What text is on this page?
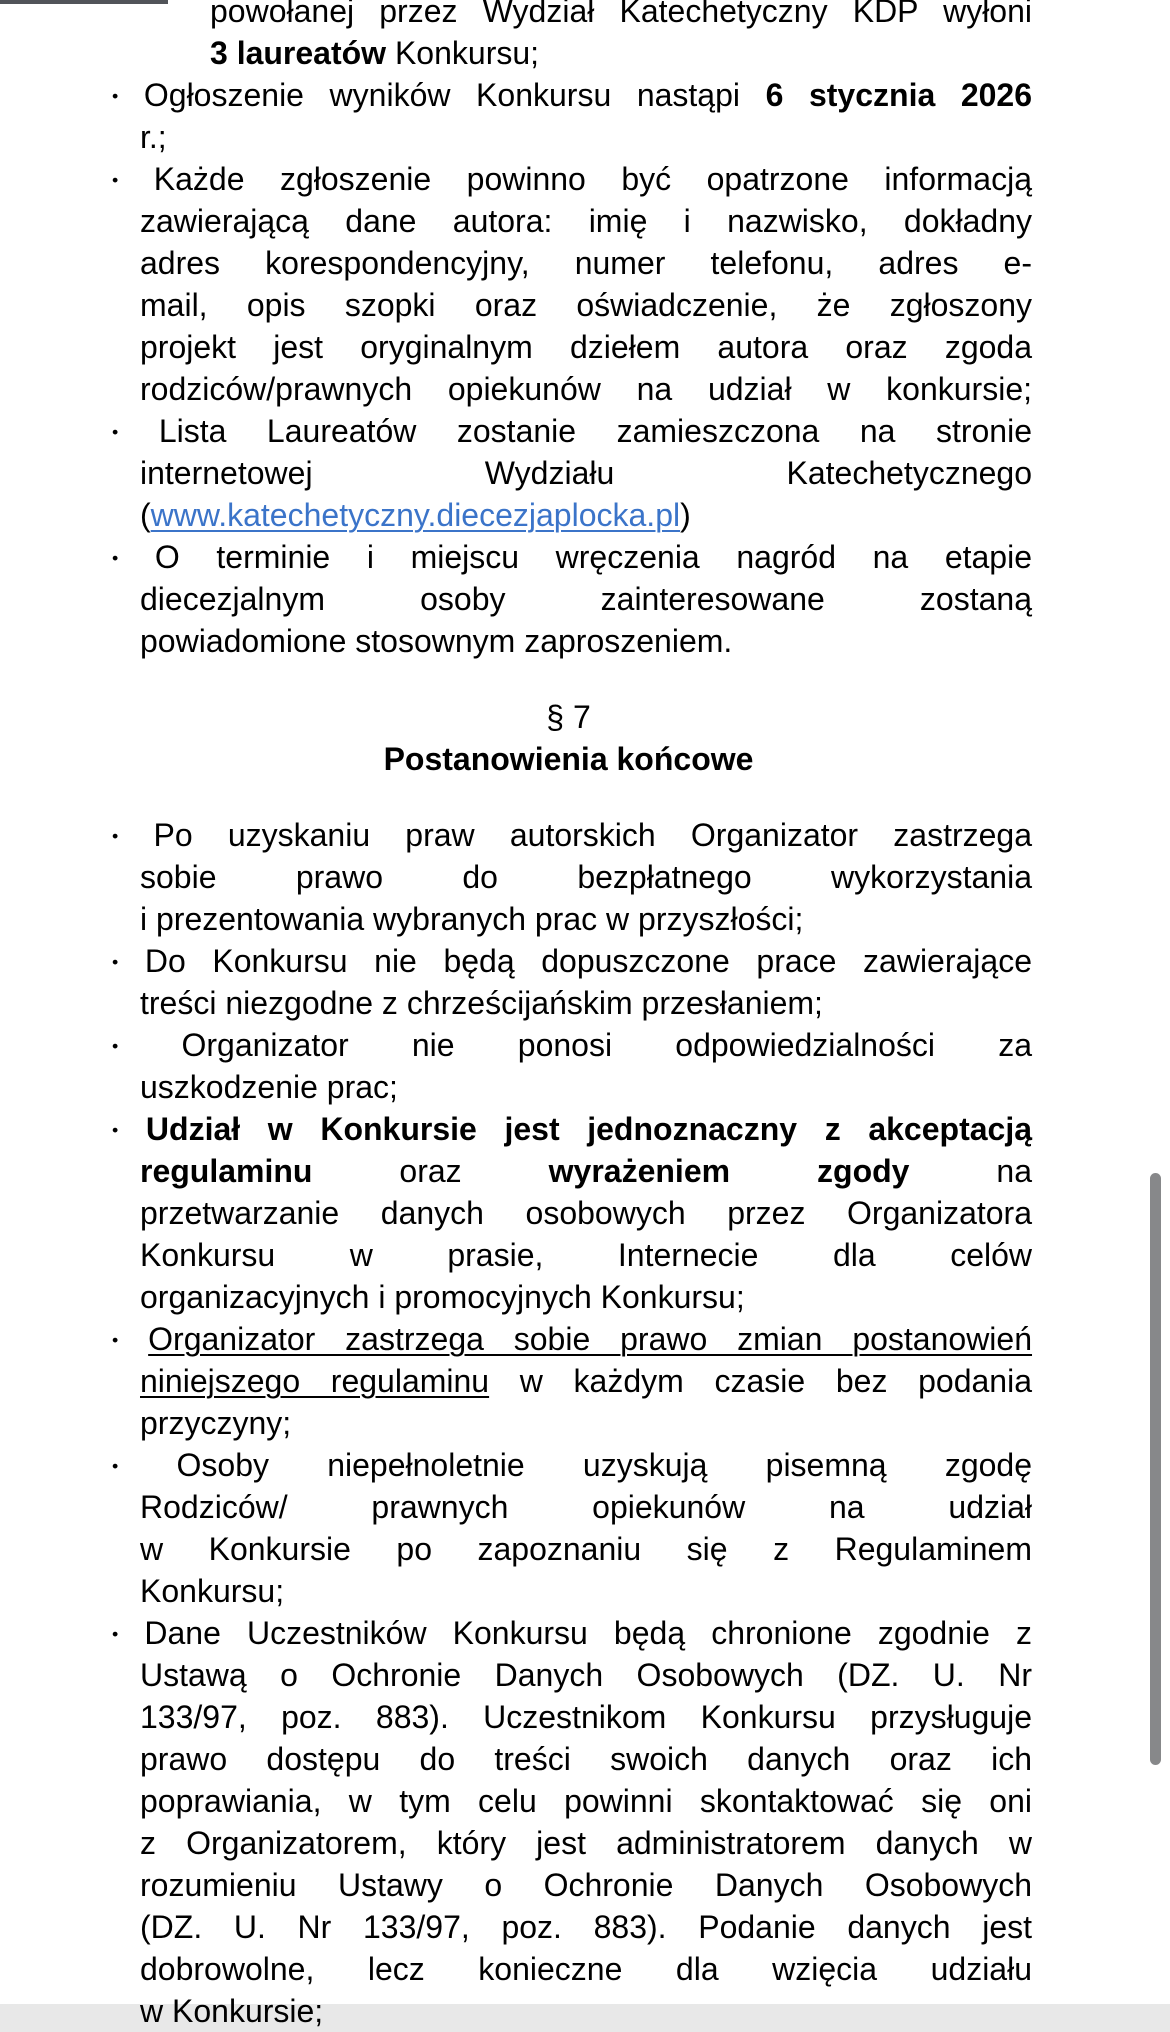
powołanej przez Wydział Katechetyczny KDP wyłoni
3 laureatów Konkursu;
• Ogłoszenie wyników Konkursu nastąpi 6 stycznia 2026
r.;
• Każde zgłoszenie powinno być opatrzone informacją
zawierającą dane autora: imię i nazwisko, dokładny
adres korespondencyjny, numer telefonu, adres e-
mail, opis szopki oraz oświadczenie, że zgłoszony
projekt jest oryginalnym dziełem autora oraz zgoda
rodziców/prawnych opiekunów na udział w konkursie;
• Lista Laureatów zostanie zamieszczona na stronie
internetowej Wydziału Katechetycznego
(www.katechetyczny.diecezjaplocka.pl)
• O terminie i miejscu wręczenia nagród na etapie
diecezjalnym osoby zainteresowane zostaną
powiadomione stosownym zaproszeniem.
§ 7
Postanowienia końcowe
• Po uzyskaniu praw autorskich Organizator zastrzega
sobie prawo do bezpłatnego wykorzystania
i prezentowania wybranych prac w przyszłości;
• Do Konkursu nie będą dopuszczone prace zawierające
treści niezgodne z chrześcijańskim przesłaniem;
• Organizator nie ponosi odpowiedzialności za
uszkodzenie prac;
• Udział w Konkursie jest jednoznaczny z akceptacją
regulaminu oraz wyrażeniem zgody na
przetwarzanie danych osobowych przez Organizatora
Konkursu w prasie, Internecie dla celów
organizacyjnych i promocyjnych Konkursu;
• Organizator zastrzega sobie prawo zmian postanowień
niniejszego regulaminu w każdym czasie bez podania
przyczyny;
• Osoby niepełnoletnie uzyskują pisemną zgodę
Rodziców/ prawnych opiekunów na udział
w Konkursie po zapoznaniu się z Regulaminem
Konkursu;
• Dane Uczestników Konkursu będą chronione zgodnie z
Ustawą o Ochronie Danych Osobowych (DZ. U. Nr
133/97, poz. 883). Uczestnikom Konkursu przysługuje
prawo dostępu do treści swoich danych oraz ich
poprawiania, w tym celu powinni skontaktować się oni
z Organizatorem, który jest administratorem danych w
rozumieniu Ustawy o Ochronie Danych Osobowych
(DZ. U. Nr 133/97, poz. 883). Podanie danych jest
dobrowolne, lecz konieczne dla wzięcia udziału
w Konkursie;
